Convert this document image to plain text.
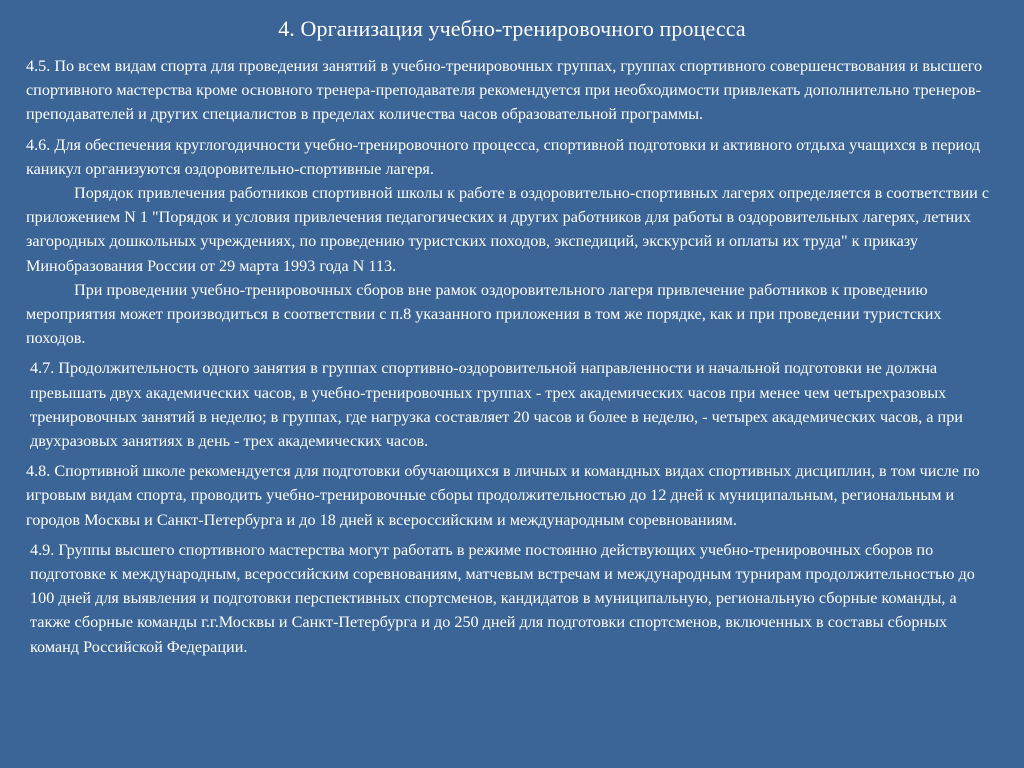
4. Организация учебно-тренировочного процесса

4.5. По всем видам спорта для проведения занятий в учебно-тренировочных группах, группах спортивного совершенствования и высшего спортивного мастерства кроме основного тренера-преподавателя рекомендуется при необходимости привлекать дополнительно тренеров-преподавателей и других специалистов в пределах количества часов образовательной программы.

4.6. Для обеспечения круглогодичности учебно-тренировочного процесса, спортивной подготовки и активного отдыха учащихся в период каникул организуются оздоровительно-спортивные лагеря.

Порядок привлечения работников спортивной школы к работе в оздоровительно-спортивных лагерях определяется в соответствии с приложением N 1 "Порядок и условия привлечения педагогических и других работников для работы в оздоровительных лагерях, летних загородных дошкольных учреждениях, по проведению туристских походов, экспедиций, экскурсий и оплаты их труда" к приказу Минобразования России от 29 марта 1993 года N 113.

При проведении учебно-тренировочных сборов вне рамок оздоровительного лагеря привлечение работников к проведению мероприятия может производиться в соответствии с п.8 указанного приложения в том же порядке, как и при проведении туристских походов.

4.7. Продолжительность одного занятия в группах спортивно-оздоровительной направленности и начальной подготовки не должна превышать двух академических часов, в учебно-тренировочных группах - трех академических часов при менее чем четырехразовых тренировочных занятий в неделю; в группах, где нагрузка составляет 20 часов и более в неделю, - четырех академических часов, а при двухразовых занятиях в день - трех академических часов.

4.8. Спортивной школе рекомендуется для подготовки обучающихся в личных и командных видах спортивных дисциплин, в том числе по игровым видам спорта, проводить учебно-тренировочные сборы продолжительностью до 12 дней к муниципальным, региональным и городов Москвы и Санкт-Петербурга и до 18 дней к всероссийским и международным соревнованиям.

4.9. Группы высшего спортивного мастерства могут работать в режиме постоянно действующих учебно-тренировочных сборов по подготовке к международным, всероссийским соревнованиям, матчевым встречам и международным турнирам продолжительностью до 100 дней для выявления и подготовки перспективных спортсменов, кандидатов в муниципальную, региональную сборные команды, а также сборные команды г.г.Москвы и Санкт-Петербурга и до 250 дней для подготовки спортсменов, включенных в составы сборных команд Российской Федерации.
